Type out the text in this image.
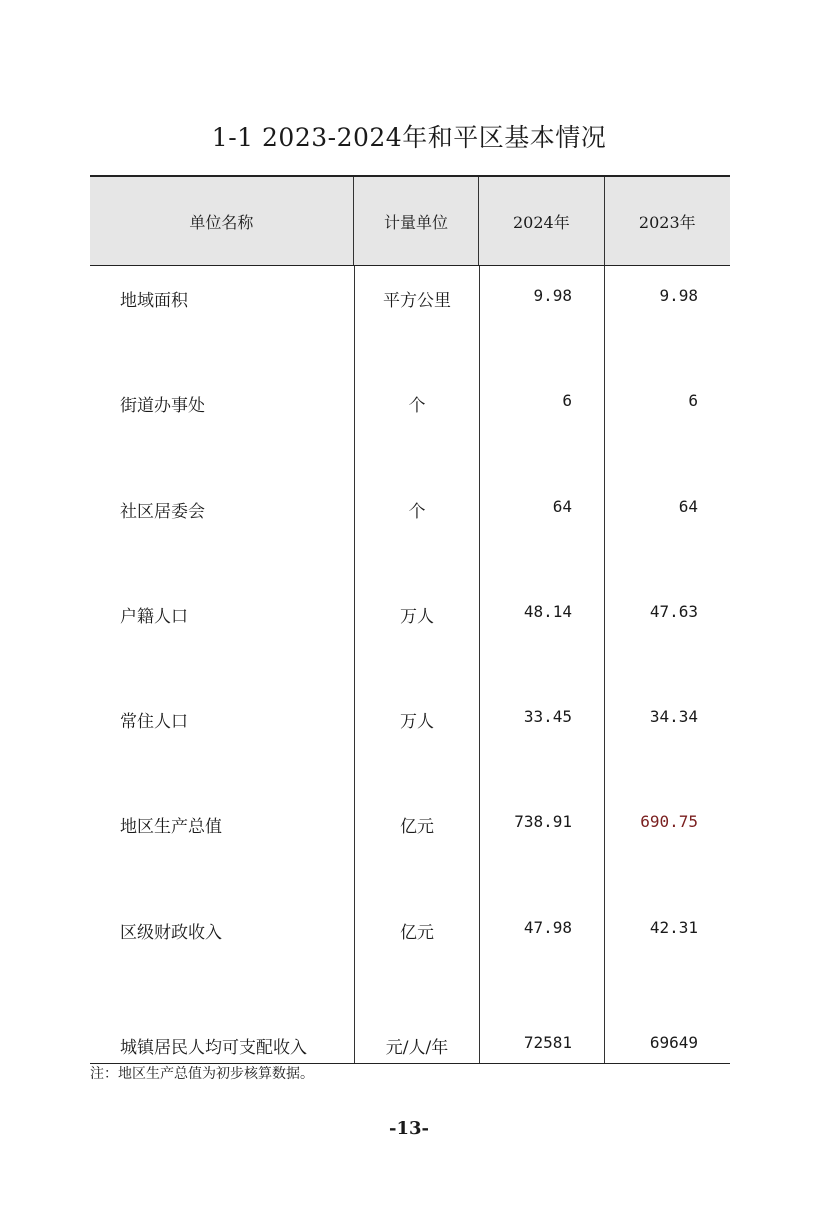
1-1 2023-2024年和平区基本情况
单位名称	计量单位	2024年	2023年
地域面积	平方公里	9.98	9.98
街道办事处	个	6	6
社区居委会	个	64	64
户籍人口	万人	48.14	47.63
常住人口	万人	33.45	34.34
地区生产总值	亿元	738.91	690.75
区级财政收入	亿元	47.98	42.31
城镇居民人均可支配收入	元/人/年	72581	69649
注：地区生产总值为初步核算数据。
-13-
